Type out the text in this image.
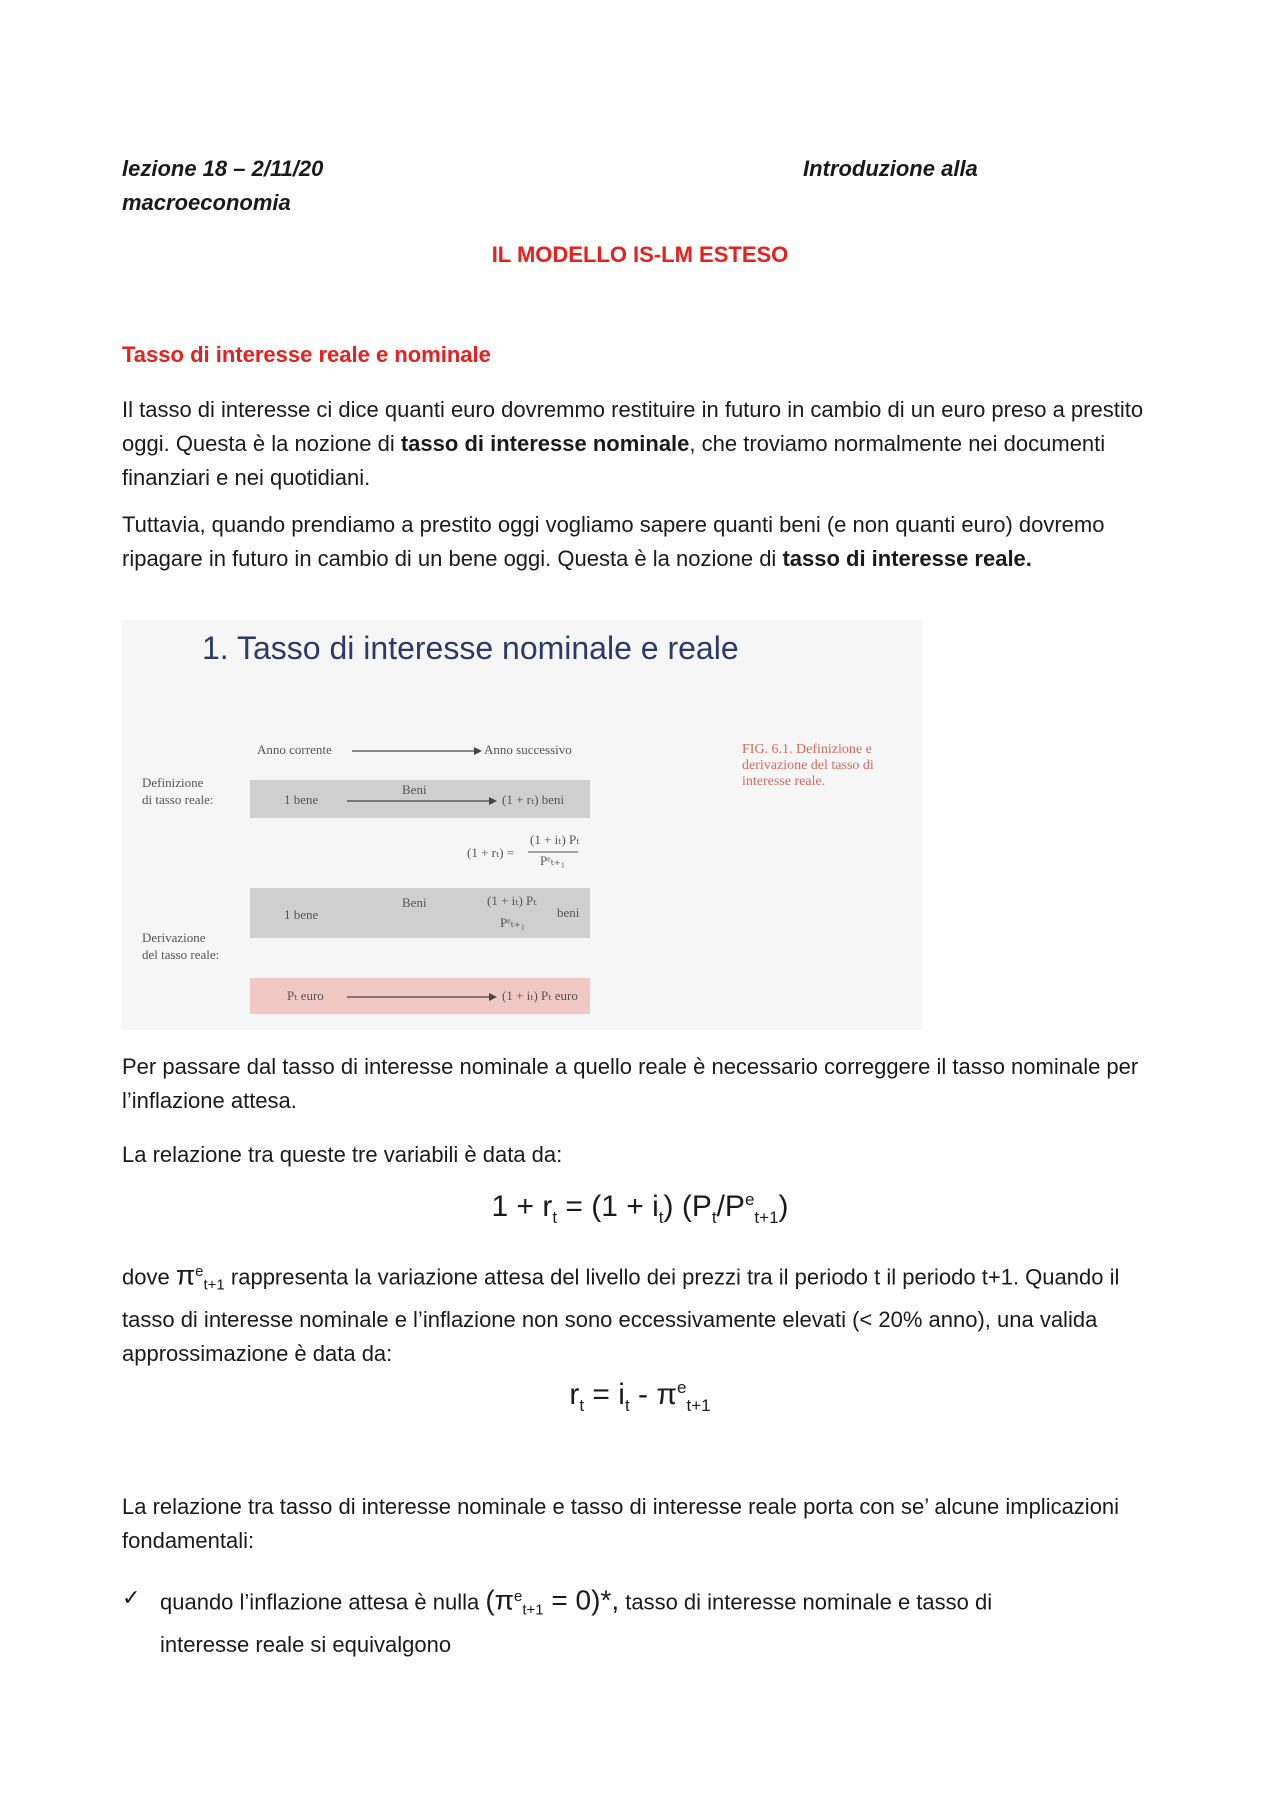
lezione 18 – 2/11/20	Introduzione alla
macroeconomia
IL MODELLO IS-LM ESTESO
Tasso di interesse reale e nominale
Il tasso di interesse ci dice quanti euro dovremmo restituire in futuro in cambio di un euro preso a prestito oggi. Questa è la nozione di tasso di interesse nominale, che troviamo normalmente nei documenti finanziari e nei quotidiani.
Tuttavia, quando prendiamo a prestito oggi vogliamo sapere quanti beni (e non quanti euro) dovremo ripagare in futuro in cambio di un bene oggi. Questa è la nozione di tasso di interesse reale.
1. Tasso di interesse nominale e reale
Anno corrente	Anno successivo
Definizione
di tasso reale:	1 bene
Beni
(1 + rₜ) beni
(1 + rₜ) =
(1 + iₜ) Pₜ
Pᵉₜ₊₁
1 bene
Beni	(1 + iₜ) Pₜ
Pᵉₜ₊₁
beni
Derivazione
del tasso reale:
Pₜ euro	(1 + iₜ) Pₜ euro
FIG. 6.1. Definizione e
derivazione del tasso di
interesse reale.
Per passare dal tasso di interesse nominale a quello reale è necessario correggere il tasso nominale per l’inflazione attesa.
La relazione tra queste tre variabili è data da:
$1 + r_t = (1 + i_t)$ $(P_t/P^e_{t+1})$
dove $\pi^e_{t+1}$ rappresenta la variazione attesa del livello dei prezzi tra il periodo t il periodo t+1. Quando il tasso di interesse nominale e l’inflazione non sono eccessivamente elevati (< 20% anno), una valida approssimazione è data da:
$r_t = i_t - \pi^e_{t+1}$
La relazione tra tasso di interesse nominale e tasso di interesse reale porta con se’ alcune implicazioni fondamentali:
✓ quando l’inflazione attesa è nulla $(\pi^e_{t+1} = 0)*$, tasso di interesse nominale e tasso di interesse reale si equivalgono
